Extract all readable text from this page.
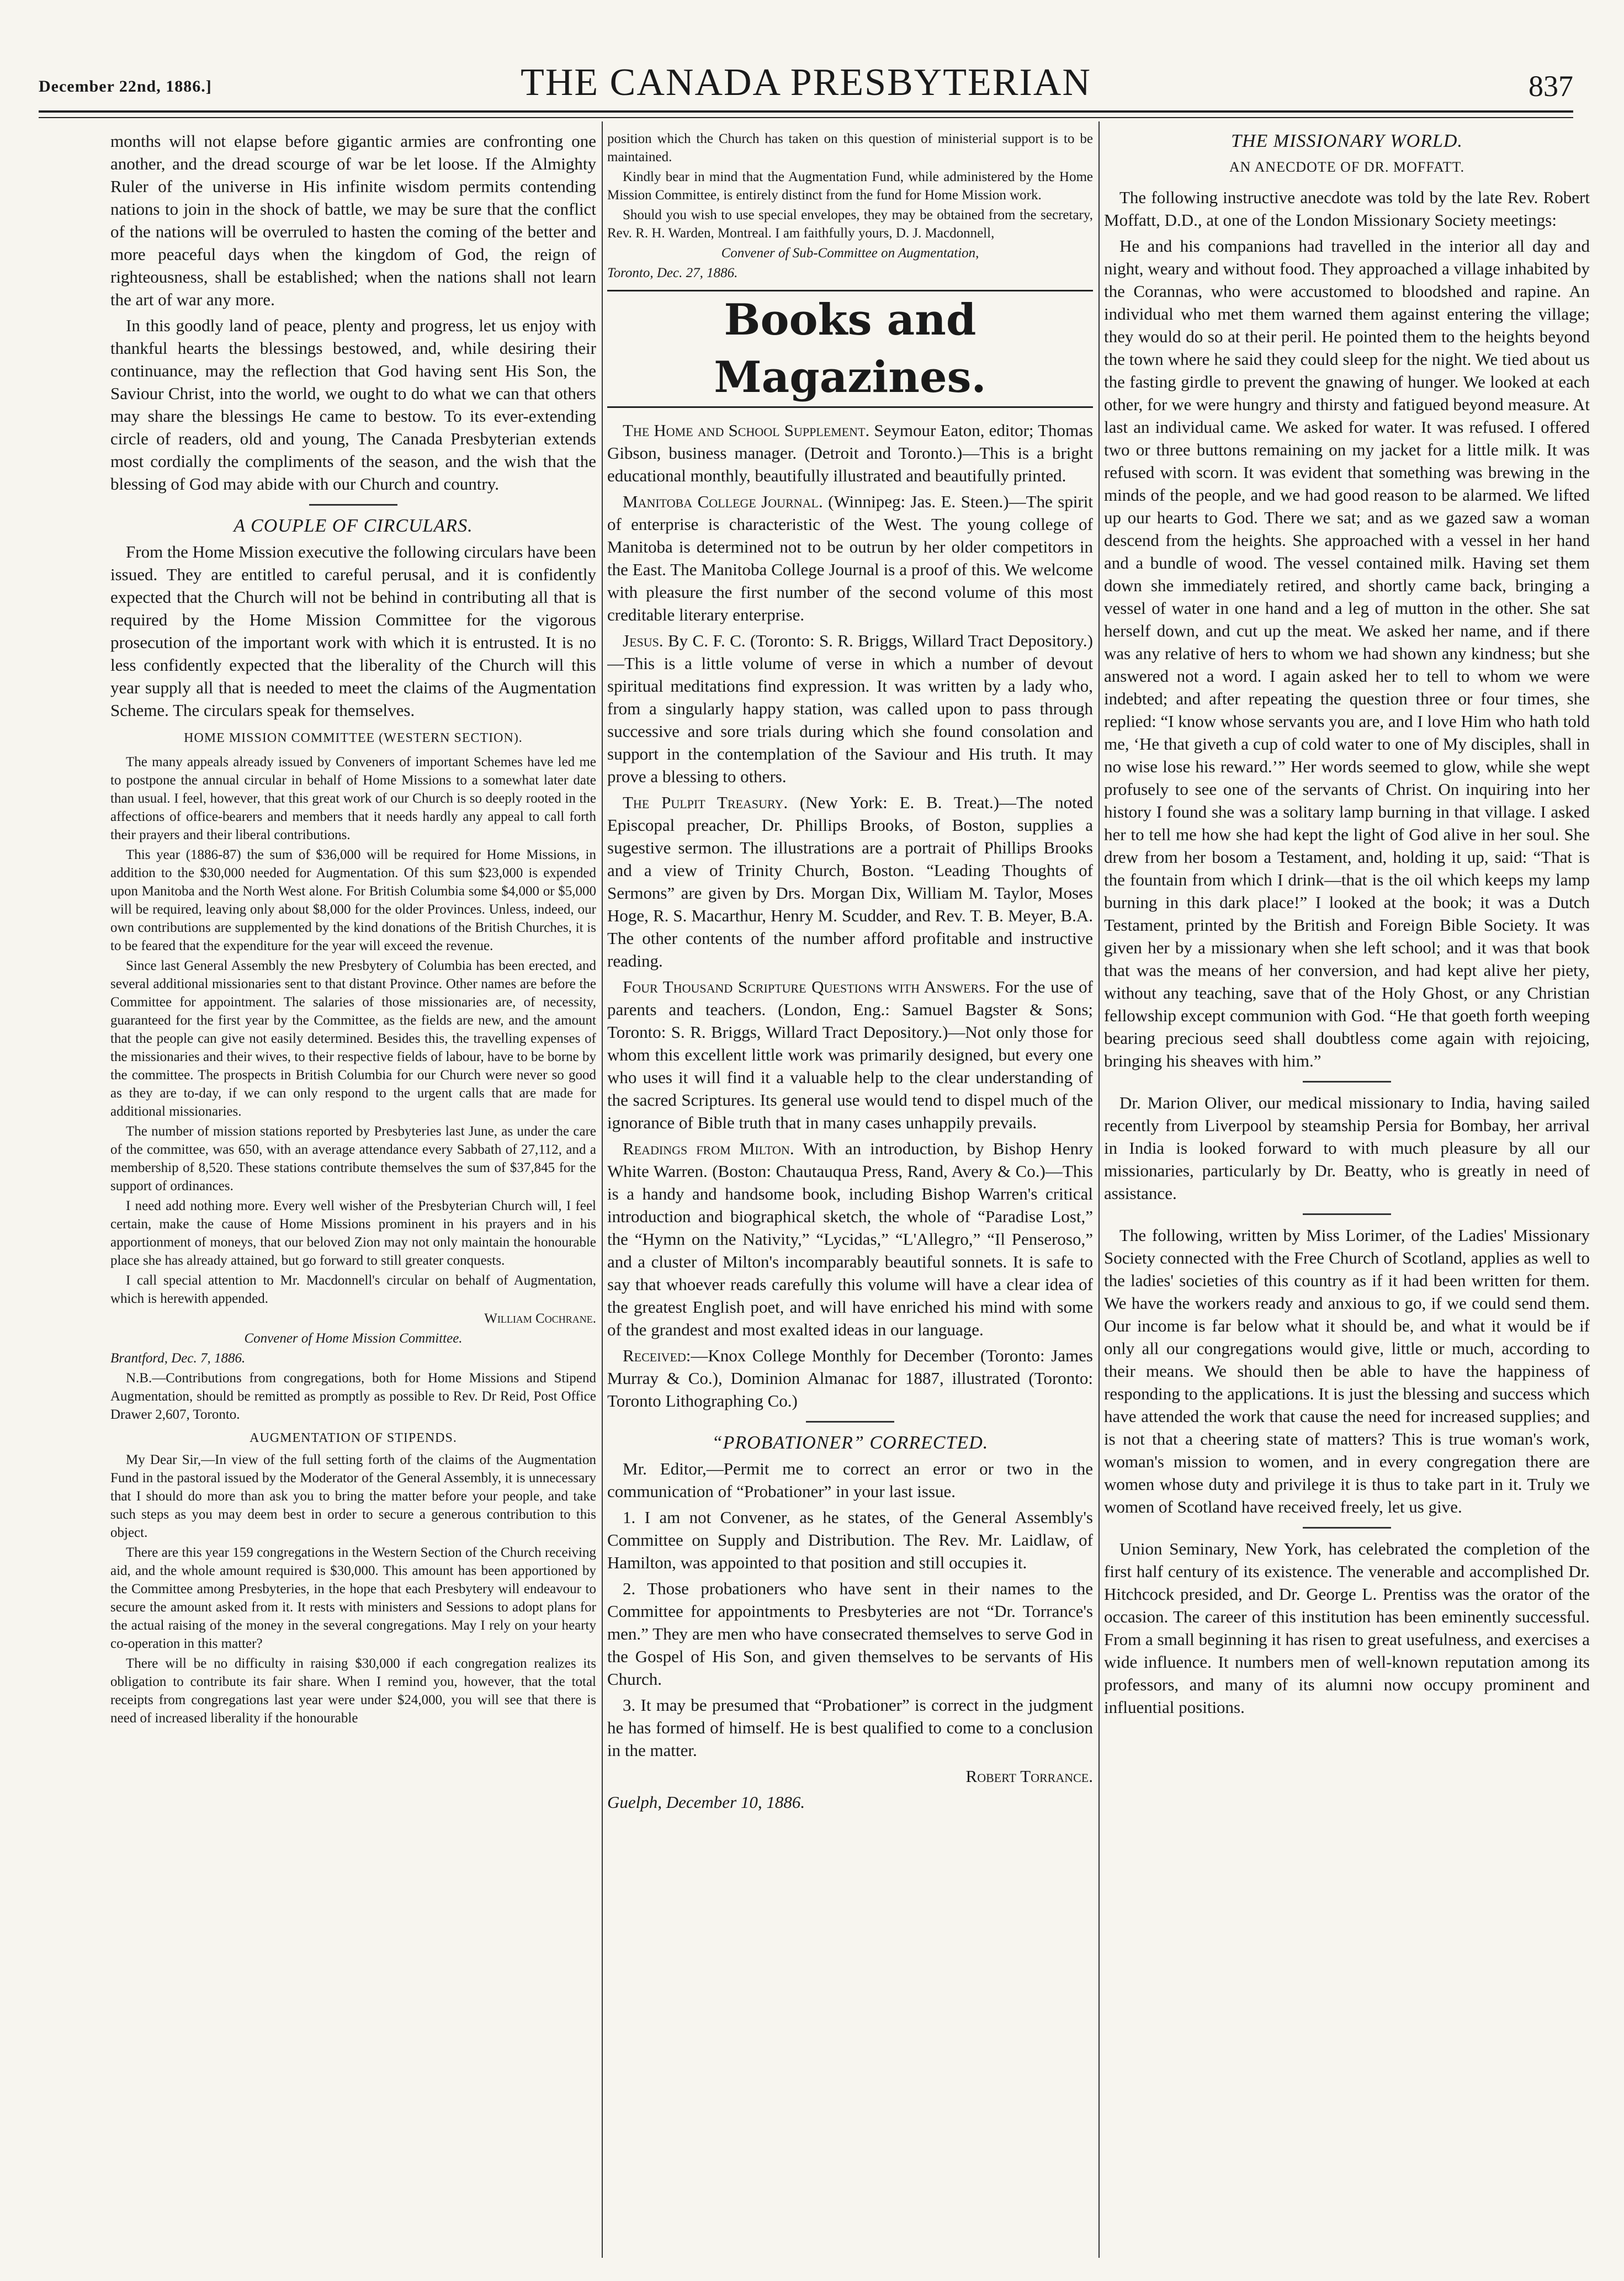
December 22nd, 1886.]	THE CANADA PRESBYTERIAN	837

months will not elapse before gigantic armies are confronting one another, and the dread scourge of war be let loose. If the Almighty Ruler of the universe in His infinite wisdom permits contending nations to join in the shock of battle, we may be sure that the conflict of the nations will be overruled to hasten the coming of the better and more peaceful days when the kingdom of God, the reign of righteousness, shall be established; when the nations shall not learn the art of war any more.

In this goodly land of peace, plenty and progress, let us enjoy with thankful hearts the blessings bestowed, and, while desiring their continuance, may the reflection that God having sent His Son, the Saviour Christ, into the world, we ought to do what we can that others may share the blessings He came to bestow. To its ever-extending circle of readers, old and young, The Canada Presbyterian extends most cordially the compliments of the season, and the wish that the blessing of God may abide with our Church and country.

A COUPLE OF CIRCULARS.

From the Home Mission executive the following circulars have been issued. They are entitled to careful perusal, and it is confidently expected that the Church will not be behind in contributing all that is required by the Home Mission Committee for the vigorous prosecution of the important work with which it is entrusted. It is no less confidently expected that the liberality of the Church will this year supply all that is needed to meet the claims of the Augmentation Scheme. The circulars speak for themselves.

HOME MISSION COMMITTEE (WESTERN SECTION).

The many appeals already issued by Conveners of important Schemes have led me to postpone the annual circular in behalf of Home Missions to a somewhat later date than usual. I feel, however, that this great work of our Church is so deeply rooted in the affections of office-bearers and members that it needs hardly any appeal to call forth their prayers and their liberal contributions.

This year (1886-87) the sum of $36,000 will be required for Home Missions, in addition to the $30,000 needed for Augmentation. Of this sum $23,000 is expended upon Manitoba and the North West alone. For British Columbia some $4,000 or $5,000 will be required, leaving only about $8,000 for the older Provinces. Unless, indeed, our own contributions are supplemented by the kind donations of the British Churches, it is to be feared that the expenditure for the year will exceed the revenue.

Since last General Assembly the new Presbytery of Columbia has been erected, and several additional missionaries sent to that distant Province. Other names are before the Committee for appointment. The salaries of those missionaries are, of necessity, guaranteed for the first year by the Committee, as the fields are new, and the amount that the people can give not easily determined. Besides this, the travelling expenses of the missionaries and their wives, to their respective fields of labour, have to be borne by the committee. The prospects in British Columbia for our Church were never so good as they are to-day, if we can only respond to the urgent calls that are made for additional missionaries.

The number of mission stations reported by Presbyteries last June, as under the care of the committee, was 650, with an average attendance every Sabbath of 27,112, and a membership of 8,520. These stations contribute themselves the sum of $37,845 for the support of ordinances.

I need add nothing more. Every well wisher of the Presbyterian Church will, I feel certain, make the cause of Home Missions prominent in his prayers and in his apportionment of moneys, that our beloved Zion may not only maintain the honourable place she has already attained, but go forward to still greater conquests.

I call special attention to Mr. Macdonnell's circular on behalf of Augmentation, which is herewith appended.

William Cochrane.

Convener of Home Mission Committee.

Brantford, Dec. 7, 1886.

N.B.—Contributions from congregations, both for Home Missions and Stipend Augmentation, should be remitted as promptly as possible to Rev. Dr Reid, Post Office Drawer 2,607, Toronto.

AUGMENTATION OF STIPENDS.

My Dear Sir,—In view of the full setting forth of the claims of the Augmentation Fund in the pastoral issued by the Moderator of the General Assembly, it is unnecessary that I should do more than ask you to bring the matter before your people, and take such steps as you may deem best in order to secure a generous contribution to this object.

There are this year 159 congregations in the Western Section of the Church receiving aid, and the whole amount required is $30,000. This amount has been apportioned by the Committee among Presbyteries, in the hope that each Presbytery will endeavour to secure the amount asked from it. It rests with ministers and Sessions to adopt plans for the actual raising of the money in the several congregations. May I rely on your hearty co-operation in this matter?

There will be no difficulty in raising $30,000 if each congregation realizes its obligation to contribute its fair share. When I remind you, however, that the total receipts from congregations last year were under $24,000, you will see that there is need of increased liberality if the honourable

position which the Church has taken on this question of ministerial support is to be maintained.

Kindly bear in mind that the Augmentation Fund, while administered by the Home Mission Committee, is entirely distinct from the fund for Home Mission work.

Should you wish to use special envelopes, they may be obtained from the secretary, Rev. R. H. Warden, Montreal. I am faithfully yours, D. J. Macdonnell,

Convener of Sub-Committee on Augmentation,

Toronto, Dec. 27, 1886.

Books and Magazines.

The Home and School Supplement. Seymour Eaton, editor; Thomas Gibson, business manager. (Detroit and Toronto.)—This is a bright educational monthly, beautifully illustrated and beautifully printed.

Manitoba College Journal. (Winnipeg: Jas. E. Steen.)—The spirit of enterprise is characteristic of the West. The young college of Manitoba is determined not to be outrun by her older competitors in the East. The Manitoba College Journal is a proof of this. We welcome with pleasure the first number of the second volume of this most creditable literary enterprise.

Jesus. By C. F. C. (Toronto: S. R. Briggs, Willard Tract Depository.)—This is a little volume of verse in which a number of devout spiritual meditations find expression. It was written by a lady who, from a singularly happy station, was called upon to pass through successive and sore trials during which she found consolation and support in the contemplation of the Saviour and His truth. It may prove a blessing to others.

The Pulpit Treasury. (New York: E. B. Treat.)—The noted Episcopal preacher, Dr. Phillips Brooks, of Boston, supplies a sugestive sermon. The illustrations are a portrait of Phillips Brooks and a view of Trinity Church, Boston. “Leading Thoughts of Sermons” are given by Drs. Morgan Dix, William M. Taylor, Moses Hoge, R. S. Macarthur, Henry M. Scudder, and Rev. T. B. Meyer, B.A. The other contents of the number afford profitable and instructive reading.

Four Thousand Scripture Questions with Answers. For the use of parents and teachers. (London, Eng.: Samuel Bagster & Sons; Toronto: S. R. Briggs, Willard Tract Depository.)—Not only those for whom this excellent little work was primarily designed, but every one who uses it will find it a valuable help to the clear understanding of the sacred Scriptures. Its general use would tend to dispel much of the ignorance of Bible truth that in many cases unhappily prevails.

Readings from Milton. With an introduction, by Bishop Henry White Warren. (Boston: Chautauqua Press, Rand, Avery & Co.)—This is a handy and handsome book, including Bishop Warren's critical introduction and biographical sketch, the whole of “Paradise Lost,” the “Hymn on the Nativity,” “Lycidas,” “L'Allegro,” “Il Penseroso,” and a cluster of Milton's incomparably beautiful sonnets. It is safe to say that whoever reads carefully this volume will have a clear idea of the greatest English poet, and will have enriched his mind with some of the grandest and most exalted ideas in our language.

Received:—Knox College Monthly for December (Toronto: James Murray & Co.), Dominion Almanac for 1887, illustrated (Toronto: Toronto Lithographing Co.)

“PROBATIONER” CORRECTED.

Mr. Editor,—Permit me to correct an error or two in the communication of “Probationer” in your last issue.

1. I am not Convener, as he states, of the General Assembly's Committee on Supply and Distribution. The Rev. Mr. Laidlaw, of Hamilton, was appointed to that position and still occupies it.

2. Those probationers who have sent in their names to the Committee for appointments to Presbyteries are not “Dr. Torrance's men.” They are men who have consecrated themselves to serve God in the Gospel of His Son, and given themselves to be servants of His Church.

3. It may be presumed that “Probationer” is correct in the judgment he has formed of himself. He is best qualified to come to a conclusion in the matter.

Robert Torrance.

Guelph, December 10, 1886.

THE MISSIONARY WORLD.
AN ANECDOTE OF DR. MOFFATT.

The following instructive anecdote was told by the late Rev. Robert Moffatt, D.D., at one of the London Missionary Society meetings:

He and his companions had travelled in the interior all day and night, weary and without food. They approached a village inhabited by the Corannas, who were accustomed to bloodshed and rapine. An individual who met them warned them against entering the village; they would do so at their peril. He pointed them to the heights beyond the town where he said they could sleep for the night. We tied about us the fasting girdle to prevent the gnawing of hunger. We looked at each other, for we were hungry and thirsty and fatigued beyond measure. At last an individual came. We asked for water. It was refused. I offered two or three buttons remaining on my jacket for a little milk. It was refused with scorn. It was evident that something was brewing in the minds of the people, and we had good reason to be alarmed. We lifted up our hearts to God. There we sat; and as we gazed saw a woman descend from the heights. She approached with a vessel in her hand and a bundle of wood. The vessel contained milk. Having set them down she immediately retired, and shortly came back, bringing a vessel of water in one hand and a leg of mutton in the other. She sat herself down, and cut up the meat. We asked her name, and if there was any relative of hers to whom we had shown any kindness; but she answered not a word. I again asked her to tell to whom we were indebted; and after repeating the question three or four times, she replied: “I know whose servants you are, and I love Him who hath told me, ‘He that giveth a cup of cold water to one of My disciples, shall in no wise lose his reward.’” Her words seemed to glow, while she wept profusely to see one of the servants of Christ. On inquiring into her history I found she was a solitary lamp burning in that village. I asked her to tell me how she had kept the light of God alive in her soul. She drew from her bosom a Testament, and, holding it up, said: “That is the fountain from which I drink—that is the oil which keeps my lamp burning in this dark place!” I looked at the book; it was a Dutch Testament, printed by the British and Foreign Bible Society. It was given her by a missionary when she left school; and it was that book that was the means of her conversion, and had kept alive her piety, without any teaching, save that of the Holy Ghost, or any Christian fellowship except communion with God. “He that goeth forth weeping bearing precious seed shall doubtless come again with rejoicing, bringing his sheaves with him.”

Dr. Marion Oliver, our medical missionary to India, having sailed recently from Liverpool by steamship Persia for Bombay, her arrival in India is looked forward to with much pleasure by all our missionaries, particularly by Dr. Beatty, who is greatly in need of assistance.

The following, written by Miss Lorimer, of the Ladies' Missionary Society connected with the Free Church of Scotland, applies as well to the ladies' societies of this country as if it had been written for them. We have the workers ready and anxious to go, if we could send them. Our income is far below what it should be, and what it would be if only all our congregations would give, little or much, according to their means. We should then be able to have the happiness of responding to the applications. It is just the blessing and success which have attended the work that cause the need for increased supplies; and is not that a cheering state of matters? This is true woman's work, woman's mission to women, and in every congregation there are women whose duty and privilege it is thus to take part in it. Truly we women of Scotland have received freely, let us give.

Union Seminary, New York, has celebrated the completion of the first half century of its existence. The venerable and accomplished Dr. Hitchcock presided, and Dr. George L. Prentiss was the orator of the occasion. The career of this institution has been eminently successful. From a small beginning it has risen to great usefulness, and exercises a wide influence. It numbers men of well-known reputation among its professors, and many of its alumni now occupy prominent and influential positions.
